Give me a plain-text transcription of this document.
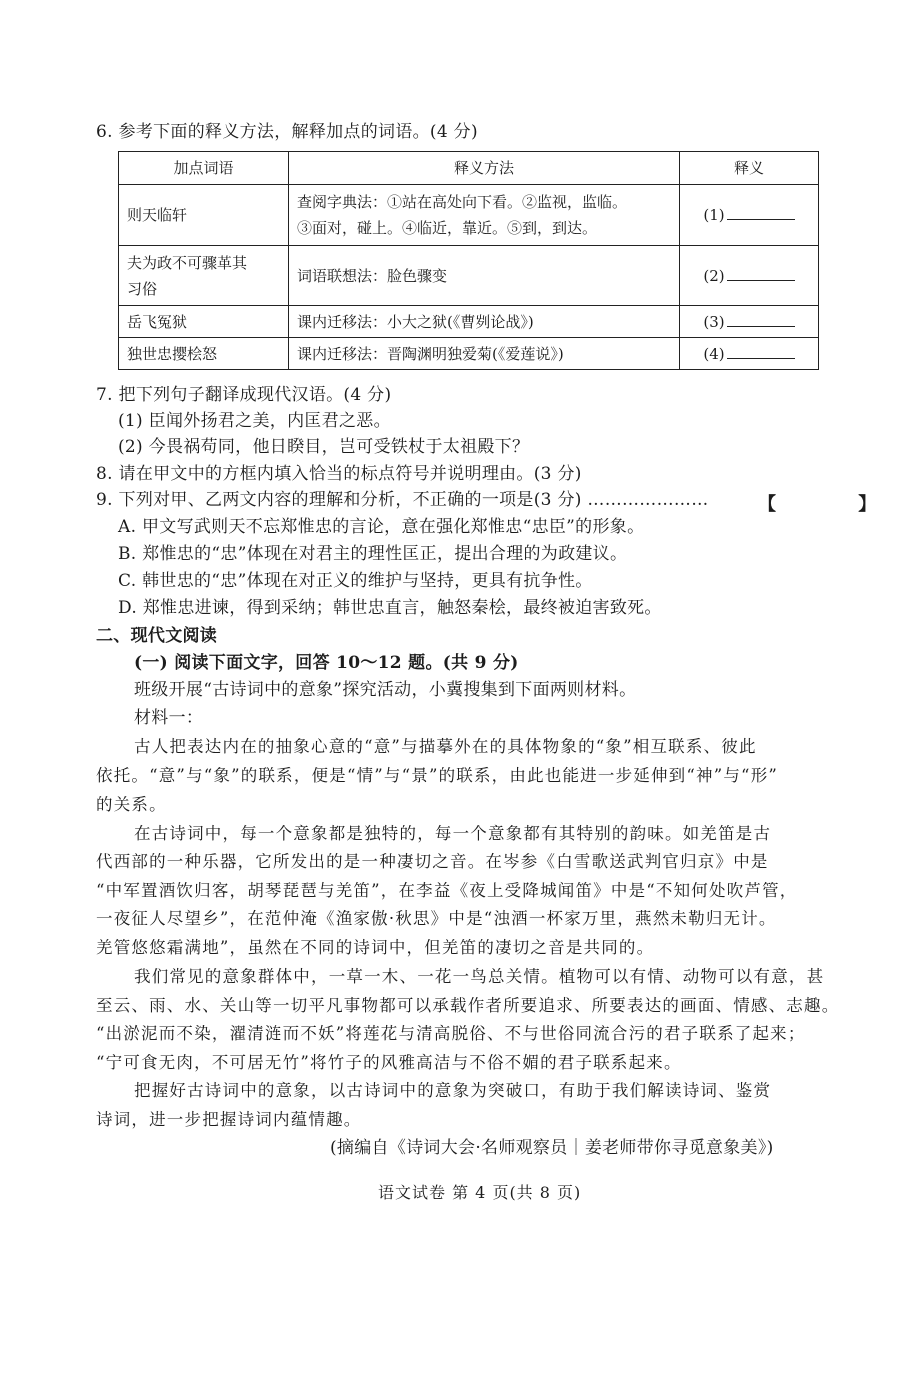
6. 参考下面的释义方法，解释加点的词语。(4 分)
加点词语	释义方法	释义
则天临轩	查阅字典法：①站在高处向下看。②监视，监临。
③面对，碰上。④临近，靠近。⑤到，到达。	(1)

夫为政不可骤革其
习俗	词语联想法：脸色骤变	(2)
岳飞冤狱	课内迁移法：小大之狱(《曹刿论战》)	(3)
独世忠撄桧怒	课内迁移法：晋陶渊明独爱菊(《爱莲说》)	(4)
7. 把下列句子翻译成现代汉语。(4 分)
(1) 臣闻外扬君之美，内匡君之恶。
(2) 今畏祸苟同，他日睽目，岂可受铁杖于太祖殿下？
8. 请在甲文中的方框内填入恰当的标点符号并说明理由。(3 分)
9. 下列对甲、乙两文内容的理解和分析，不正确的一项是(3 分) …………………	【 】
A. 甲文写武则天不忘郑惟忠的言论，意在强化郑惟忠“忠臣”的形象。
B. 郑惟忠的“忠”体现在对君主的理性匡正，提出合理的为政建议。
C. 韩世忠的“忠”体现在对正义的维护与坚持，更具有抗争性。
D. 郑惟忠进谏，得到采纳；韩世忠直言，触怒秦桧，最终被迫害致死。
二、现代文阅读
(一) 阅读下面文字，回答 10～12 题。(共 9 分)
班级开展“古诗词中的意象”探究活动，小冀搜集到下面两则材料。
材料一：
古人把表达内在的抽象心意的“意”与描摹外在的具体物象的“象”相互联系、彼此
依托。“意”与“象”的联系，便是“情”与“景”的联系，由此也能进一步延伸到“神”与“形”
的关系。
在古诗词中，每一个意象都是独特的，每一个意象都有其特别的韵味。如羌笛是古
代西部的一种乐器，它所发出的是一种凄切之音。在岑参《白雪歌送武判官归京》中是
“中军置酒饮归客，胡琴琵琶与羌笛”，在李益《夜上受降城闻笛》中是“不知何处吹芦管，
一夜征人尽望乡”，在范仲淹《渔家傲·秋思》中是“浊酒一杯家万里，燕然未勒归无计。
羌管悠悠霜满地”，虽然在不同的诗词中，但羌笛的凄切之音是共同的。
我们常见的意象群体中，一草一木、一花一鸟总关情。植物可以有情、动物可以有意，甚
至云、雨、水、关山等一切平凡事物都可以承载作者所要追求、所要表达的画面、情感、志趣。
“出淤泥而不染，濯清涟而不妖”将莲花与清高脱俗、不与世俗同流合污的君子联系了起来；
“宁可食无肉，不可居无竹”将竹子的风雅高洁与不俗不媚的君子联系起来。
把握好古诗词中的意象，以古诗词中的意象为突破口，有助于我们解读诗词、鉴赏
诗词，进一步把握诗词内蕴情趣。
(摘编自《诗词大会·名师观察员｜姜老师带你寻觅意象美》)
语文试卷 第 4 页(共 8 页)
